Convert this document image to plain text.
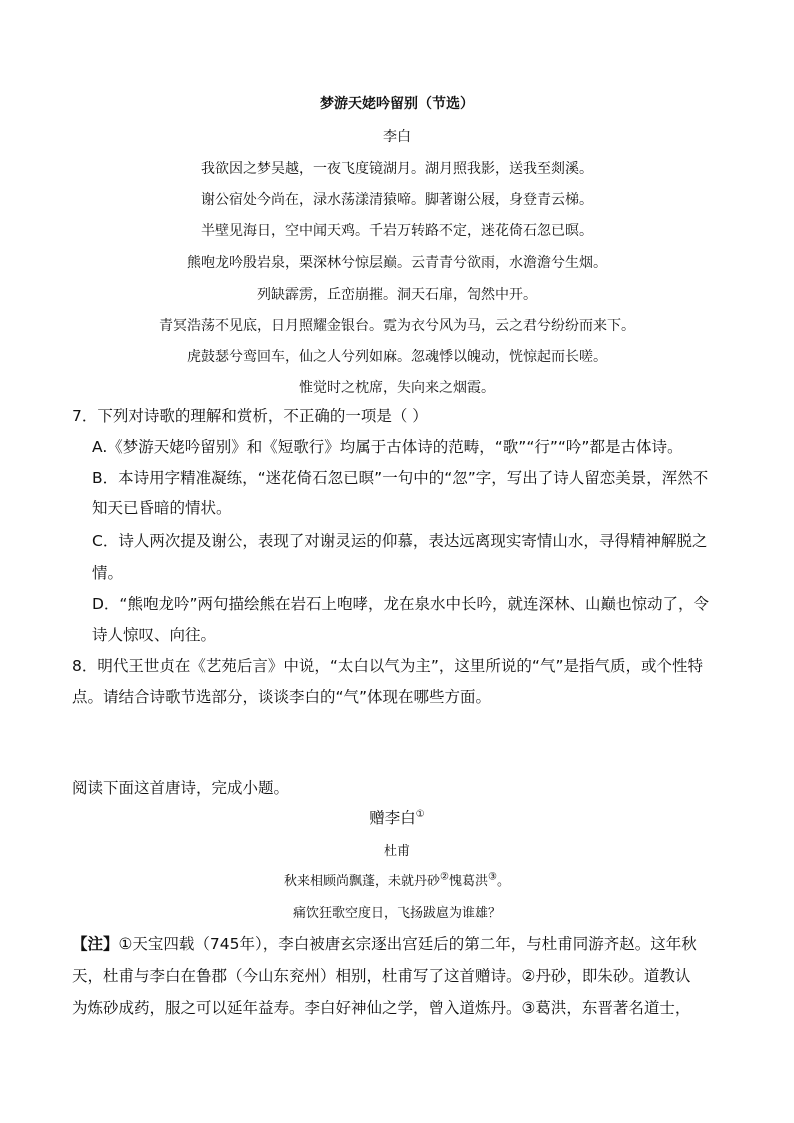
梦游天姥吟留别（节选）
李白
我欲因之梦吴越，一夜飞度镜湖月。湖月照我影，送我至剡溪。
谢公宿处今尚在，渌水荡漾清猿啼。脚著谢公屐，身登青云梯。
半壁见海日，空中闻天鸡。千岩万转路不定，迷花倚石忽已暝。
熊咆龙吟殷岩泉，栗深林兮惊层巅。云青青兮欲雨，水澹澹兮生烟。
列缺霹雳，丘峦崩摧。洞天石扉，訇然中开。
青冥浩荡不见底，日月照耀金银台。霓为衣兮风为马，云之君兮纷纷而来下。
虎鼓瑟兮鸾回车，仙之人兮列如麻。忽魂悸以魄动，恍惊起而长嗟。
惟觉时之枕席，失向来之烟霞。
7．下列对诗歌的理解和赏析，不正确的一项是（ ）
A.《梦游天姥吟留别》和《短歌行》均属于古体诗的范畴，“歌”“行”“吟”都是古体诗。
B．本诗用字精准凝练，“迷花倚石忽已暝”一句中的“忽”字，写出了诗人留恋美景，浑然不
知天已昏暗的情状。
C．诗人两次提及谢公，表现了对谢灵运的仰慕，表达远离现实寄情山水，寻得精神解脱之
情。
D．“熊咆龙吟”两句描绘熊在岩石上咆哮，龙在泉水中长吟，就连深林、山巅也惊动了，令
诗人惊叹、向往。
8．明代王世贞在《艺苑后言》中说，“太白以气为主”，这里所说的“气”是指气质，或个性特
点。请结合诗歌节选部分，谈谈李白的“气”体现在哪些方面。
阅读下面这首唐诗，完成小题。
赠李白①
杜甫
秋来相顾尚飘蓬，未就丹砂②愧葛洪③。
痛饮狂歌空度日，飞扬跋扈为谁雄？
【注】①天宝四载（745年），李白被唐玄宗逐出宫廷后的第二年，与杜甫同游齐赵。这年秋
天，杜甫与李白在鲁郡（今山东兖州）相别，杜甫写了这首赠诗。②丹砂，即朱砂。道教认
为炼砂成药，服之可以延年益寿。李白好神仙之学，曾入道炼丹。③葛洪，东晋著名道士，
